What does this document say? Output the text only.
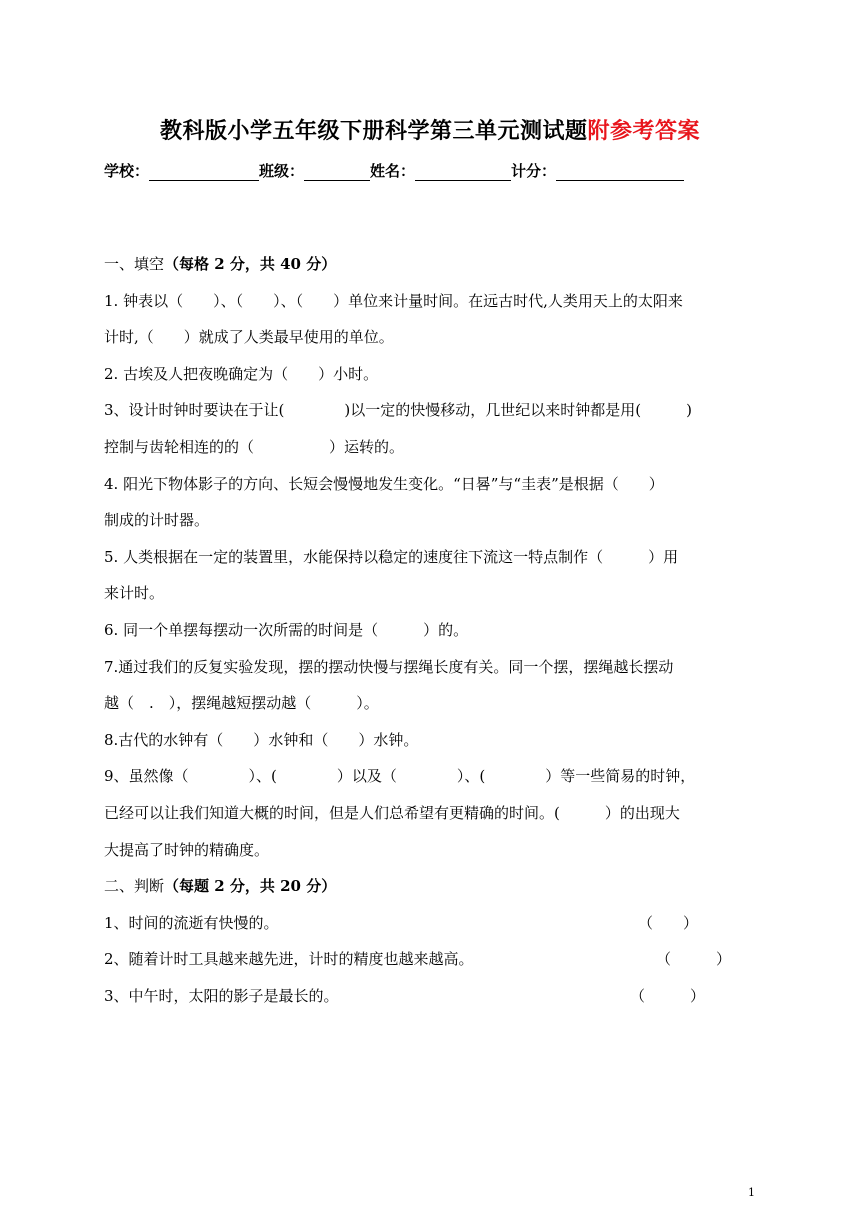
教科版小学五年级下册科学第三单元测试题附参考答案
学校：	班级：	姓名：	计分：
一、填空（每格 2 分，共 40 分）
1. 钟表以（　　）、（　　）、（　　）单位来计量时间。在远古时代,人类用天上的太阳来
计时,（　　）就成了人类最早使用的单位。
2. 古埃及人把夜晚确定为（　　）小时。
3、设计时钟时要诀在于让(　　　　)以一定的快慢移动，几世纪以来时钟都是用(　　　)
控制与齿轮相连的的（　　　　　）运转的。
4. 阳光下物体影子的方向、长短会慢慢地发生变化。“日晷”与“圭表”是根据（　　）
制成的计时器。
5. 人类根据在一定的装置里，水能保持以稳定的速度往下流这一特点制作（　　　）用
来计时。
6. 同一个单摆每摆动一次所需的时间是（　　　）的。
7.通过我们的反复实验发现，摆的摆动快慢与摆绳长度有关。同一个摆，摆绳越长摆动
越（　.　），摆绳越短摆动越（　　　）。
8.古代的水钟有（　　）水钟和（　　）水钟。
9、虽然像（　　　　）、(　　　　）以及（　　　　）、(　　　　）等一些简易的时钟，
已经可以让我们知道大概的时间，但是人们总希望有更精确的时间。(　　　）的出现大
大提高了时钟的精确度。
二、判断（每题 2 分，共 20 分）
1、时间的流逝有快慢的。	（　　）
2、随着计时工具越来越先进，计时的精度也越来越高。	（　　　）
3、中午时，太阳的影子是最长的。	（　　　）
1
